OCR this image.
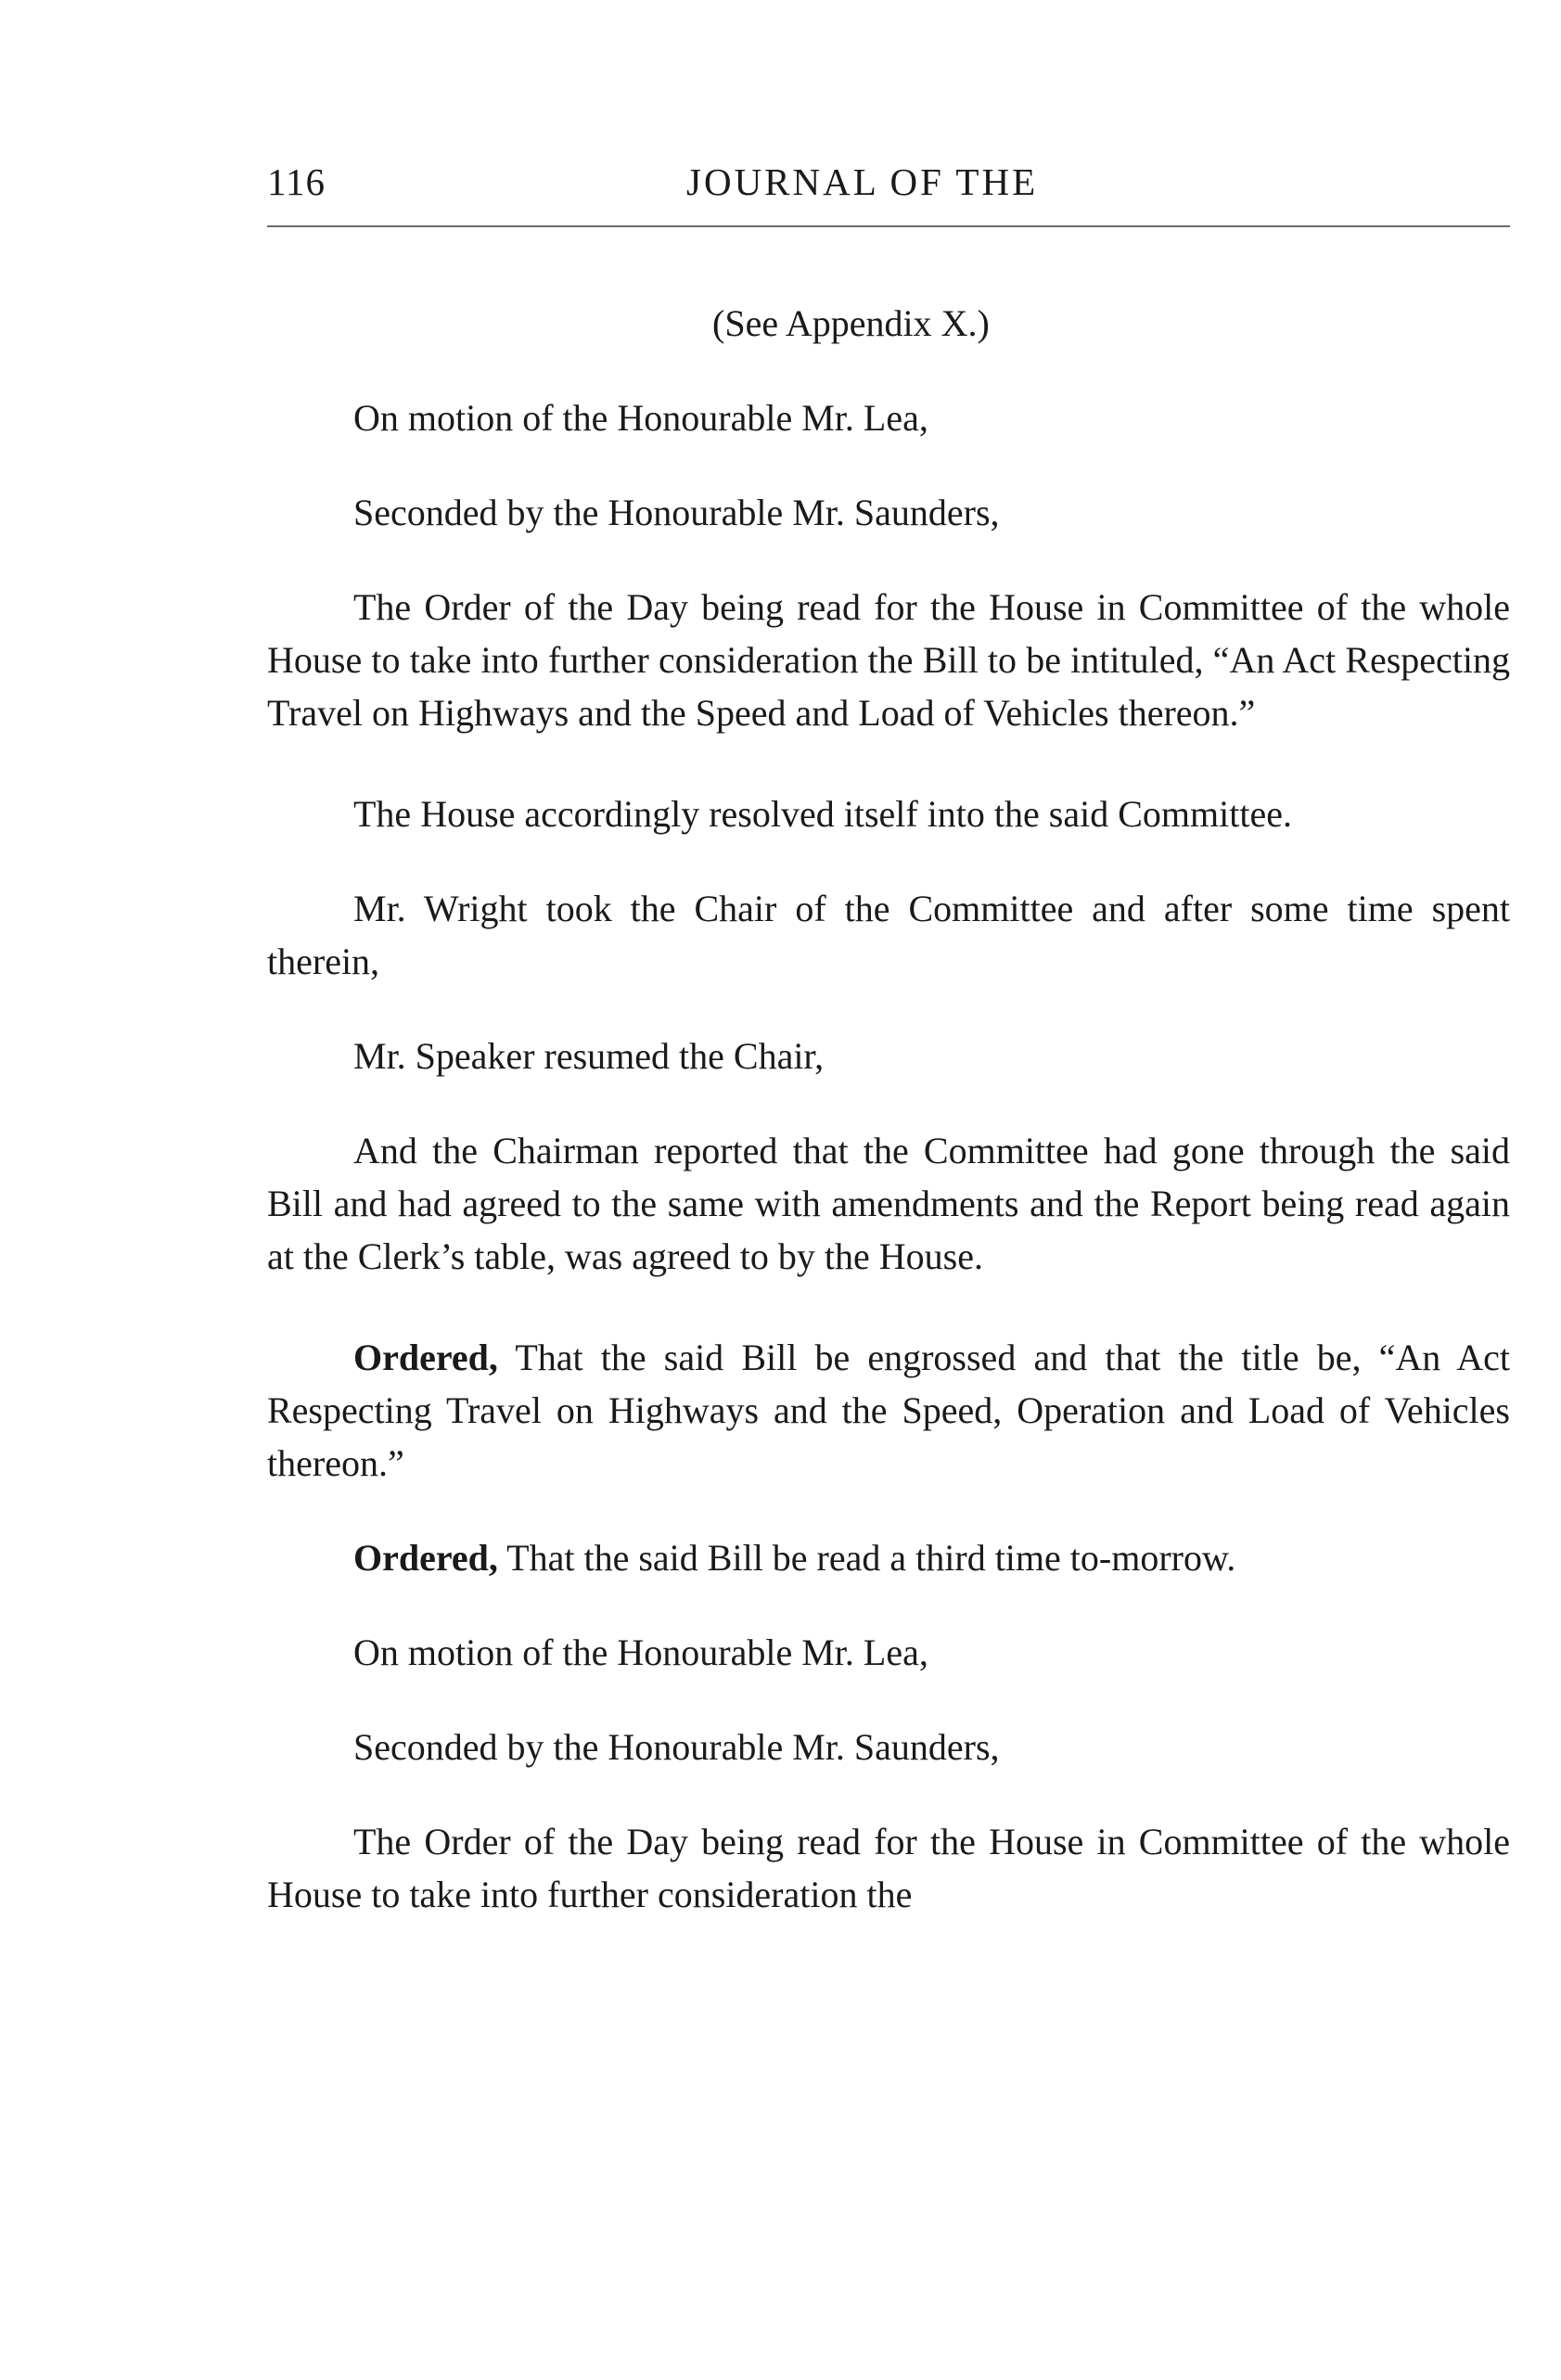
116	JOURNAL OF THE

(See Appendix X.)

On motion of the Honourable Mr. Lea,

Seconded by the Honourable Mr. Saunders,

The Order of the Day being read for the House in Committee of the whole House to take into further consideration the Bill to be intituled, “An Act Respecting Travel on Highways and the Speed and Load of Vehicles thereon.”

The House accordingly resolved itself into the said Committee.

Mr. Wright took the Chair of the Committee and after some time spent therein,

Mr. Speaker resumed the Chair,

And the Chairman reported that the Committee had gone through the said Bill and had agreed to the same with amendments and the Report being read again at the Clerk’s table, was agreed to by the House.

Ordered, That the said Bill be engrossed and that the title be, “An Act Respecting Travel on Highways and the Speed, Operation and Load of Vehicles thereon.”

Ordered, That the said Bill be read a third time to-morrow.

On motion of the Honourable Mr. Lea,

Seconded by the Honourable Mr. Saunders,

The Order of the Day being read for the House in Committee of the whole House to take into further consideration the
